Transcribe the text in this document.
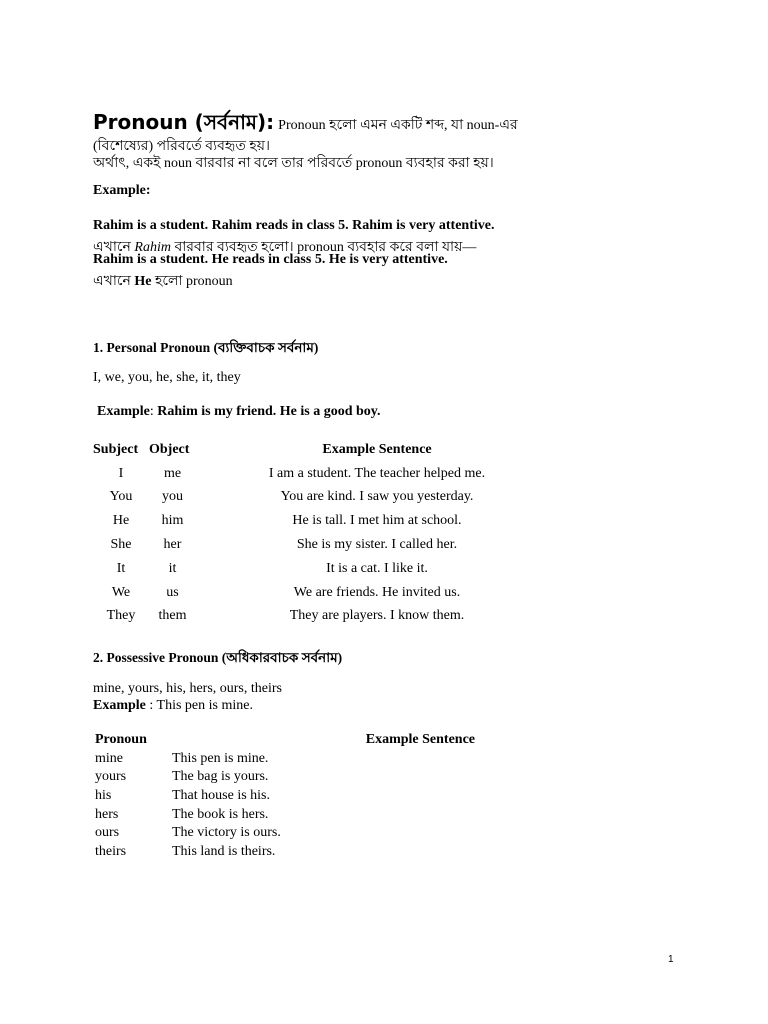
Pronoun (সর্বনাম): Pronoun হলো এমন একটি শব্দ, যা noun-এর
(বিশেষ্যের) পরিবর্তে ব্যবহৃত হয়।
অর্থাৎ, একই noun বারবার না বলে তার পরিবর্তে pronoun ব্যবহার করা হয়।
Example:
Rahim is a student. Rahim reads in class 5. Rahim is very attentive.
এখানে Rahim বারবার ব্যবহৃত হলো। pronoun ব্যবহার করে বলা যায়—
Rahim is a student. He reads in class 5. He is very attentive.
এখানে He হলো pronoun
1. Personal Pronoun (ব্যক্তিবাচক সর্বনাম)
I, we, you, he, she, it, they
Example: Rahim is my friend. He is a good boy.
Subject	Object	Example Sentence
I	me	I am a student. The teacher helped me.
You	you	You are kind. I saw you yesterday.
He	him	He is tall. I met him at school.
She	her	She is my sister. I called her.
It	it	It is a cat. I like it.
We	us	We are friends. He invited us.
They	them	They are players. I know them.
2. Possessive Pronoun (অধিকারবাচক সর্বনাম)
mine, yours, his, hers, ours, theirs
Example : This pen is mine.
Pronoun	Example Sentence
mine	This pen is mine.
yours	The bag is yours.
his	That house is his.
hers	The book is hers.
ours	The victory is ours.
theirs	This land is theirs.
1
